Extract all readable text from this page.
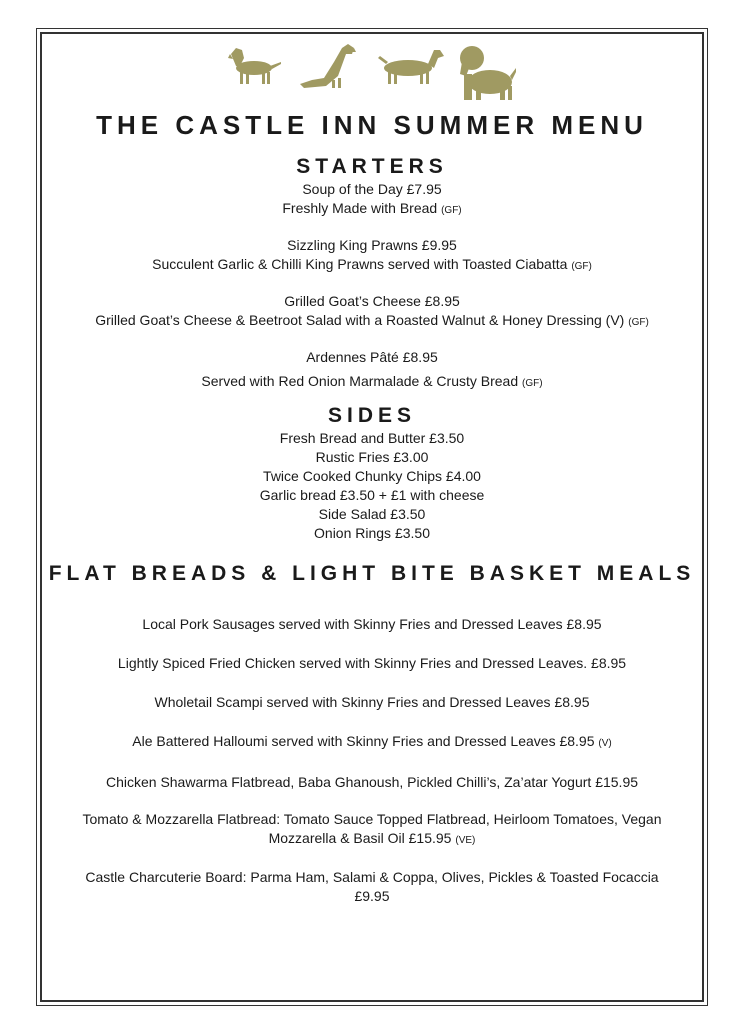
THE CASTLE INN SUMMER MENU
STARTERS
Soup of the Day £7.95
Freshly Made with Bread (GF)
Sizzling King Prawns £9.95
Succulent Garlic & Chilli King Prawns served with Toasted Ciabatta (GF)
Grilled Goat’s Cheese £8.95
Grilled Goat’s Cheese & Beetroot Salad with a Roasted Walnut & Honey Dressing (V) (GF)
Ardennes Pâté £8.95
Served with Red Onion Marmalade & Crusty Bread (GF)
SIDES
Fresh Bread and Butter £3.50
Rustic Fries £3.00
Twice Cooked Chunky Chips £4.00
Garlic bread £3.50 + £1 with cheese
Side Salad £3.50
Onion Rings £3.50
FLAT BREADS & LIGHT BITE BASKET MEALS
Local Pork Sausages served with Skinny Fries and Dressed Leaves £8.95
Lightly Spiced Fried Chicken served with Skinny Fries and Dressed Leaves. £8.95
Wholetail Scampi served with Skinny Fries and Dressed Leaves £8.95
Ale Battered Halloumi served with Skinny Fries and Dressed Leaves £8.95 (V)
Chicken Shawarma Flatbread, Baba Ghanoush, Pickled Chilli’s, Za’atar Yogurt £15.95
Tomato & Mozzarella Flatbread: Tomato Sauce Topped Flatbread, Heirloom Tomatoes, Vegan
Mozzarella & Basil Oil £15.95 (VE)
Castle Charcuterie Board: Parma Ham, Salami & Coppa, Olives, Pickles & Toasted Focaccia
£9.95
